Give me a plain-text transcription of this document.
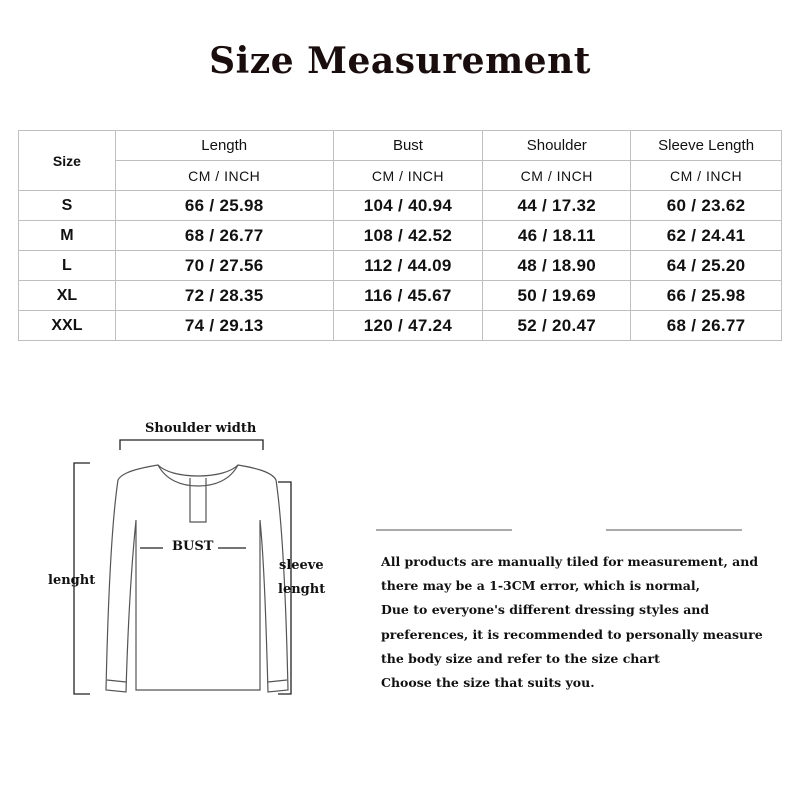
Size Measurement
Size	Length	Bust	Shoulder	Sleeve Length
	CM / INCH	CM / INCH	CM / INCH	CM / INCH
S	66 / 25.98	104 / 40.94	44 / 17.32	60 / 23.62
M	68 / 26.77	108 / 42.52	46 / 18.11	62 / 24.41
L	70 / 27.56	112 / 44.09	48 / 18.90	64 / 25.20
XL	72 / 28.35	116 / 45.67	50 / 19.69	66 / 25.98
XXL	74 / 29.13	120 / 47.24	52 / 20.47	68 / 26.77
Shoulder width
BUST
lenght
sleeve
lenght
All products are manually tiled for measurement, and
there may be a 1-3CM error, which is normal,
Due to everyone's different dressing styles and
preferences, it is recommended to personally measure
the body size and refer to the size chart
Choose the size that suits you.
